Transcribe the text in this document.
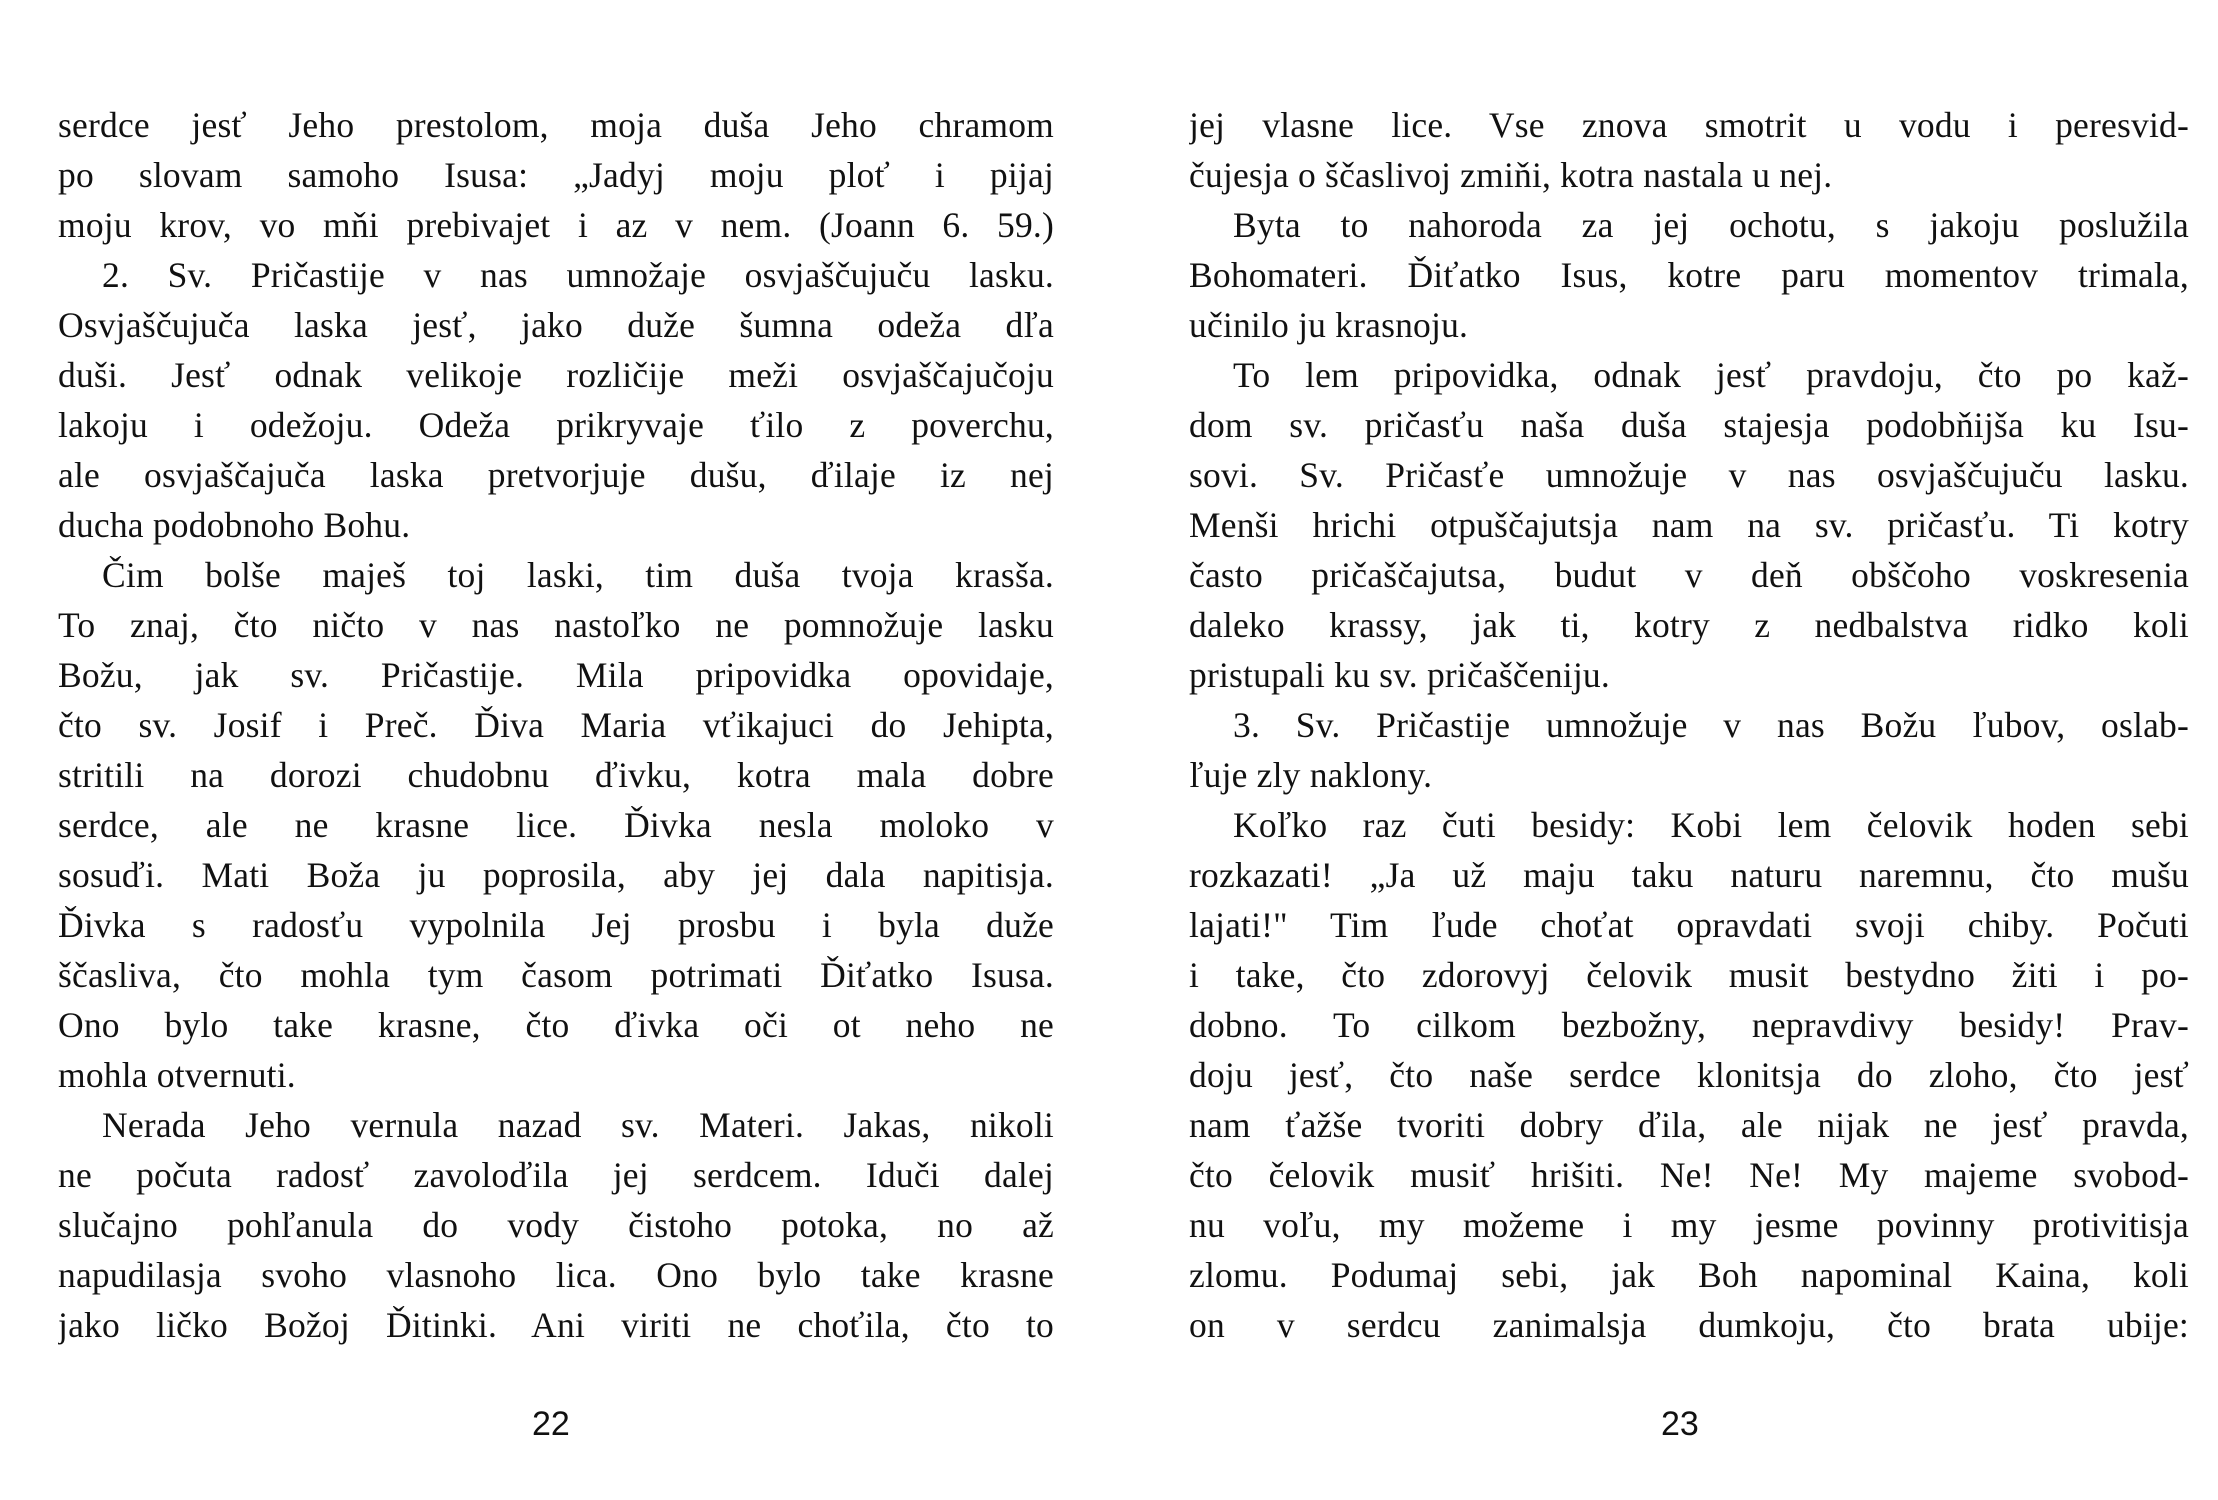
serdce jesť Jeho prestolom, moja duša Jeho chramom
po slovam samoho Isusa: „Jadyj moju ploť i pijaj
moju krov, vo mňi prebivajet i az v nem. (Joann 6. 59.)
2. Sv. Pričastije v nas umnožaje osvjaščujuču lasku.
Osvjaščujuča laska jesť, jako duže šumna odeža dľa
duši. Jesť odnak velikoje rozličije meži osvjaščajučoju
lakoju i odežoju. Odeža prikryvaje ťilo z poverchu,
ale osvjaščajuča laska pretvorjuje dušu, ďilaje iz nej
ducha podobnoho Bohu.
Čim bolše maješ toj laski, tim duša tvoja krasša.
To znaj, čto ničto v nas nastoľko ne pomnožuje lasku
Božu, jak sv. Pričastije. Mila pripovidka opovidaje,
čto sv. Josif i Preč. Ďiva Maria vťikajuci do Jehipta,
stritili na dorozi chudobnu ďivku, kotra mala dobre
serdce, ale ne krasne lice. Ďivka nesla moloko v
sosuďi. Mati Boža ju poprosila, aby jej dala napitisja.
Ďivka s radosťu vypolnila Jej prosbu i byla duže
ščasliva, čto mohla tym časom potrimati Ďiťatko Isusa.
Ono bylo take krasne, čto ďivka oči ot neho ne
mohla otvernuti.
Nerada Jeho vernula nazad sv. Materi. Jakas, nikoli
ne počuta radosť zavoloďila jej serdcem. Iduči dalej
slučajno pohľanula do vody čistoho potoka, no až
napudilasja svoho vlasnoho lica. Ono bylo take krasne
jako ličko Božoj Ďitinki. Ani viriti ne choťila, čto to
22
jej vlasne lice. Vse znova smotrit u vodu i peresvid-
čujesja o ščaslivoj zmiňi, kotra nastala u nej.
Byta to nahoroda za jej ochotu, s jakoju poslužila
Bohomateri. Ďiťatko Isus, kotre paru momentov trimala,
učinilo ju krasnoju.
To lem pripovidka, odnak jesť pravdoju, čto po kaž-
dom sv. pričasťu naša duša stajesja podobňijša ku Isu-
sovi. Sv. Pričasťe umnožuje v nas osvjaščujuču lasku.
Menši hrichi otpuščajutsja nam na sv. pričasťu. Ti kotry
často pričaščajutsa, budut v deň obščoho voskresenia
daleko krassy, jak ti, kotry z nedbalstva ridko koli
pristupali ku sv. pričaščeniju.
3. Sv. Pričastije umnožuje v nas Božu ľubov, oslab-
ľuje zly naklony.
Koľko raz čuti besidy: Kobi lem čelovik hoden sebi
rozkazati! „Ja už maju taku naturu naremnu, čto mušu
lajati!" Tim ľude choťat opravdati svoji chiby. Počuti
i take, čto zdorovyj čelovik musit bestydno žiti i po-
dobno. To cilkom bezbožny, nepravdivy besidy! Prav-
doju jesť, čto naše serdce klonitsja do zloho, čto jesť
nam ťažše tvoriti dobry ďila, ale nijak ne jesť pravda,
čto čelovik musiť hrišiti. Ne! Ne! My majeme svobod-
nu voľu, my možeme i my jesme povinny protivitisja
zlomu. Podumaj sebi, jak Boh napominal Kaina, koli
on v serdcu zanimalsja dumkoju, čto brata ubije:
23
